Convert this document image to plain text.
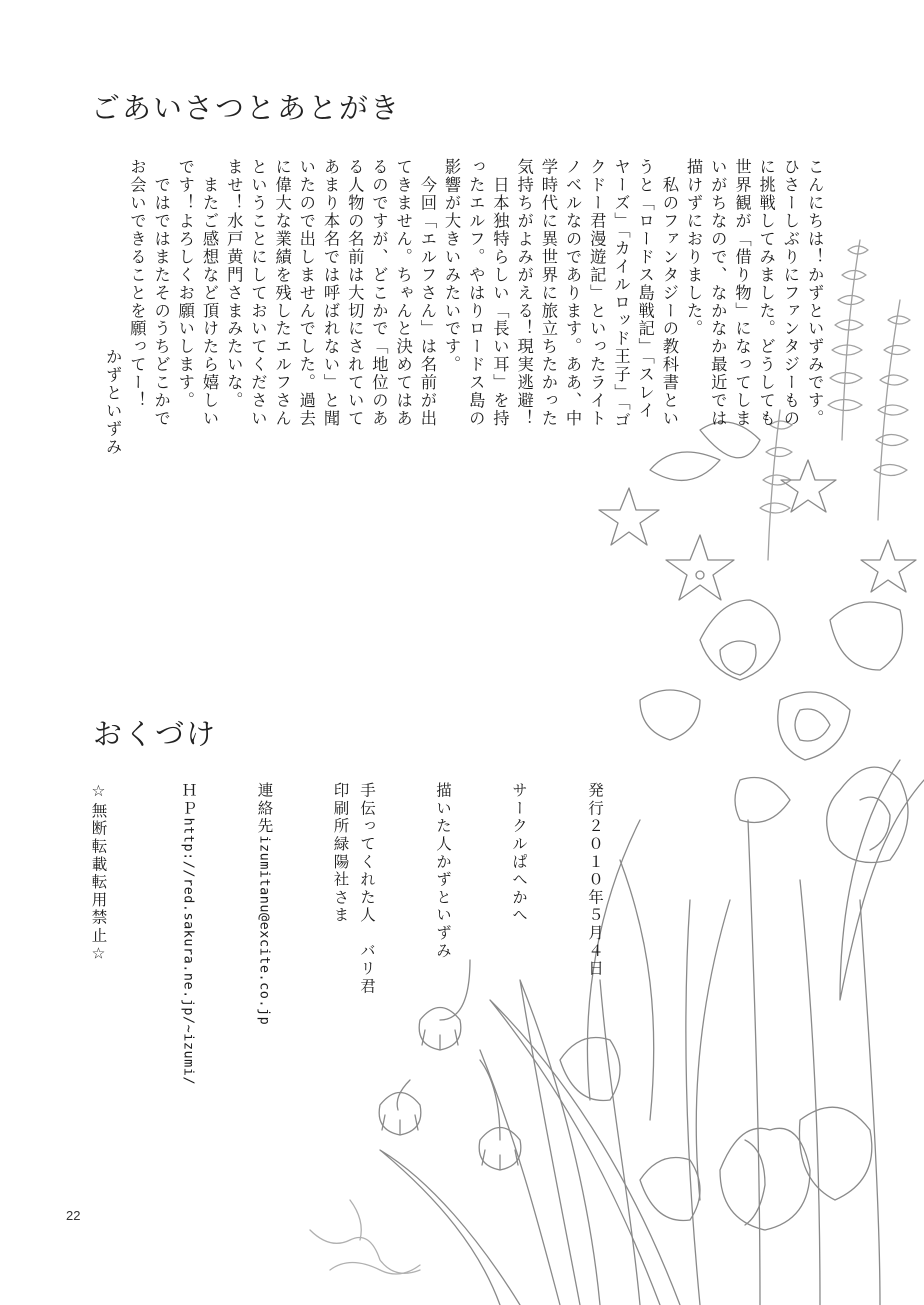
ごあいさつとあとがき
こんにちは！かずといずみです。
ひさーしぶりにファンタジーもの
に挑戦してみました。どうしても
世界観が「借り物」になってしま
いがちなので、なかなか最近では
描けずにおりました。
　私のファンタジーの教科書とい
うと「ロードス島戦記」「スレイ
ヤーズ」「カイルロッド王子」「ゴ
クドー君漫遊記」といったライト
ノベルなのであります。ああ、中
学時代に異世界に旅立ちたかった
気持ちがよみがえる！現実逃避！
　日本独特らしい「長い耳」を持
ったエルフ。やはりロードス島の
影響が大きいみたいです。
　今回「エルフさん」は名前が出
てきません。ちゃんと決めてはあ
るのですが、どこかで「地位のあ
る人物の名前は大切にされていて
あまり本名では呼ばれない」と聞
いたので出しませんでした。過去
に偉大な業績を残したエルフさん
ということにしておいてください
ませ！水戸黄門さまみたいな。
　またご感想など頂けたら嬉しい
です！よろしくお願いします。
　ではではまたそのうちどこかで
お会いできることを願ってー！
かずといずみ
おくづけ
発行２０１０年５月４日
サークルぱへかへ
描いた人かずといずみ
手伝ってくれた人　バリ君
印刷所緑陽社さま
連絡先izumitanu@excite.co.jp
ＨＰhttp://red.sakura.ne.jp/~izumi/
☆無断転載転用禁止☆
22
